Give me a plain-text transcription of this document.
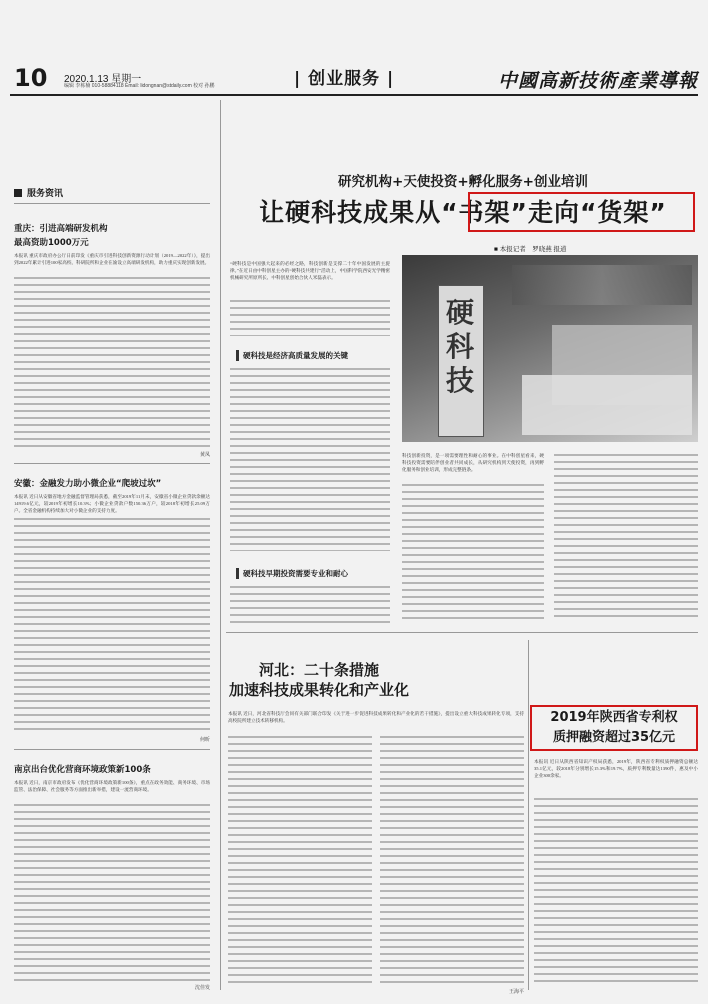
10 2020.1.13 星期一
编辑 李栋楠 010-58884118 Email: lidongnan@stdaily.com 校对 孙鹏	| 创业服务 |	中國高新技術產業導報
服务资讯
重庆：引进高端研发机构
最高资助1000万元
本报讯 重庆市政府办公厅日前印发《重庆市引进科技创新资源行动计划（2019—2022年）》，提出到2022年累计引进100家高校、科研院所和企业在渝设立高端研发机构，助力重庆实现创新发展。
黄凤
安徽：金融发力助小微企业“爬坡过坎”
本报讯 近日从安徽省地方金融监督管理局获悉，截至2019年11月末，安徽省小微企业贷款余额达14919.6亿元，较2019年初增长10.3%；小微企业贷款户数150.36万户，较2018年初增长25.09万户。全省金融机构持续加大对小微企业的支持力度。
何昕
南京出台优化营商环境政策新100条
本报讯 近日，南京市政府发布《优化营商环境政策新100条》，重点在政务效能、商务环境、市场监管、法治保障、社会服务等方面推出新举措，建设一流营商环境。
沈佳发
研究机构+天使投资+孵化服务+创业培训
让硬科技成果从“书架”走向“货架”
■ 本报记者　罗晓燕 报道
“硬科技是中国强大起来的必经之路，科技创新是支撑二十年中国发展的主旋律。”在近日由中科创星主办的“硬科技共建行”活动上，中国科学院西安光学精密机械研究所原所长、中科创星创始合伙人米磊表示。
硬科技是经济高质量发展的关键
硬科技早期投资需要专业和耐心
硬科技
科技创新投资，是一项需要理性和耐心的事业。在中科创星看来，硬科技投资需要陪伴创业者共同成长，从研究机构到天使投资，再到孵化服务和创业培训，形成完整链条。
河北：二十条措施
加速科技成果转化和产业化
本报讯 近日，河北省科技厅会同有关部门联合印发《关于进一步促进科技成果转化和产业化的若干措施》，提出设立重大科技成果转化专项，支持高校院所建立技术转移机构。
王海平
2019年陕西省专利权
质押融资超过35亿元
本报讯 近日从陕西省知识产权局获悉，2019年，陕西省专利权质押融资总额达35.1亿元，较2018年分别增长15.3%和19.7%，质押专利数量达1390件，惠及中小企业300余家。
